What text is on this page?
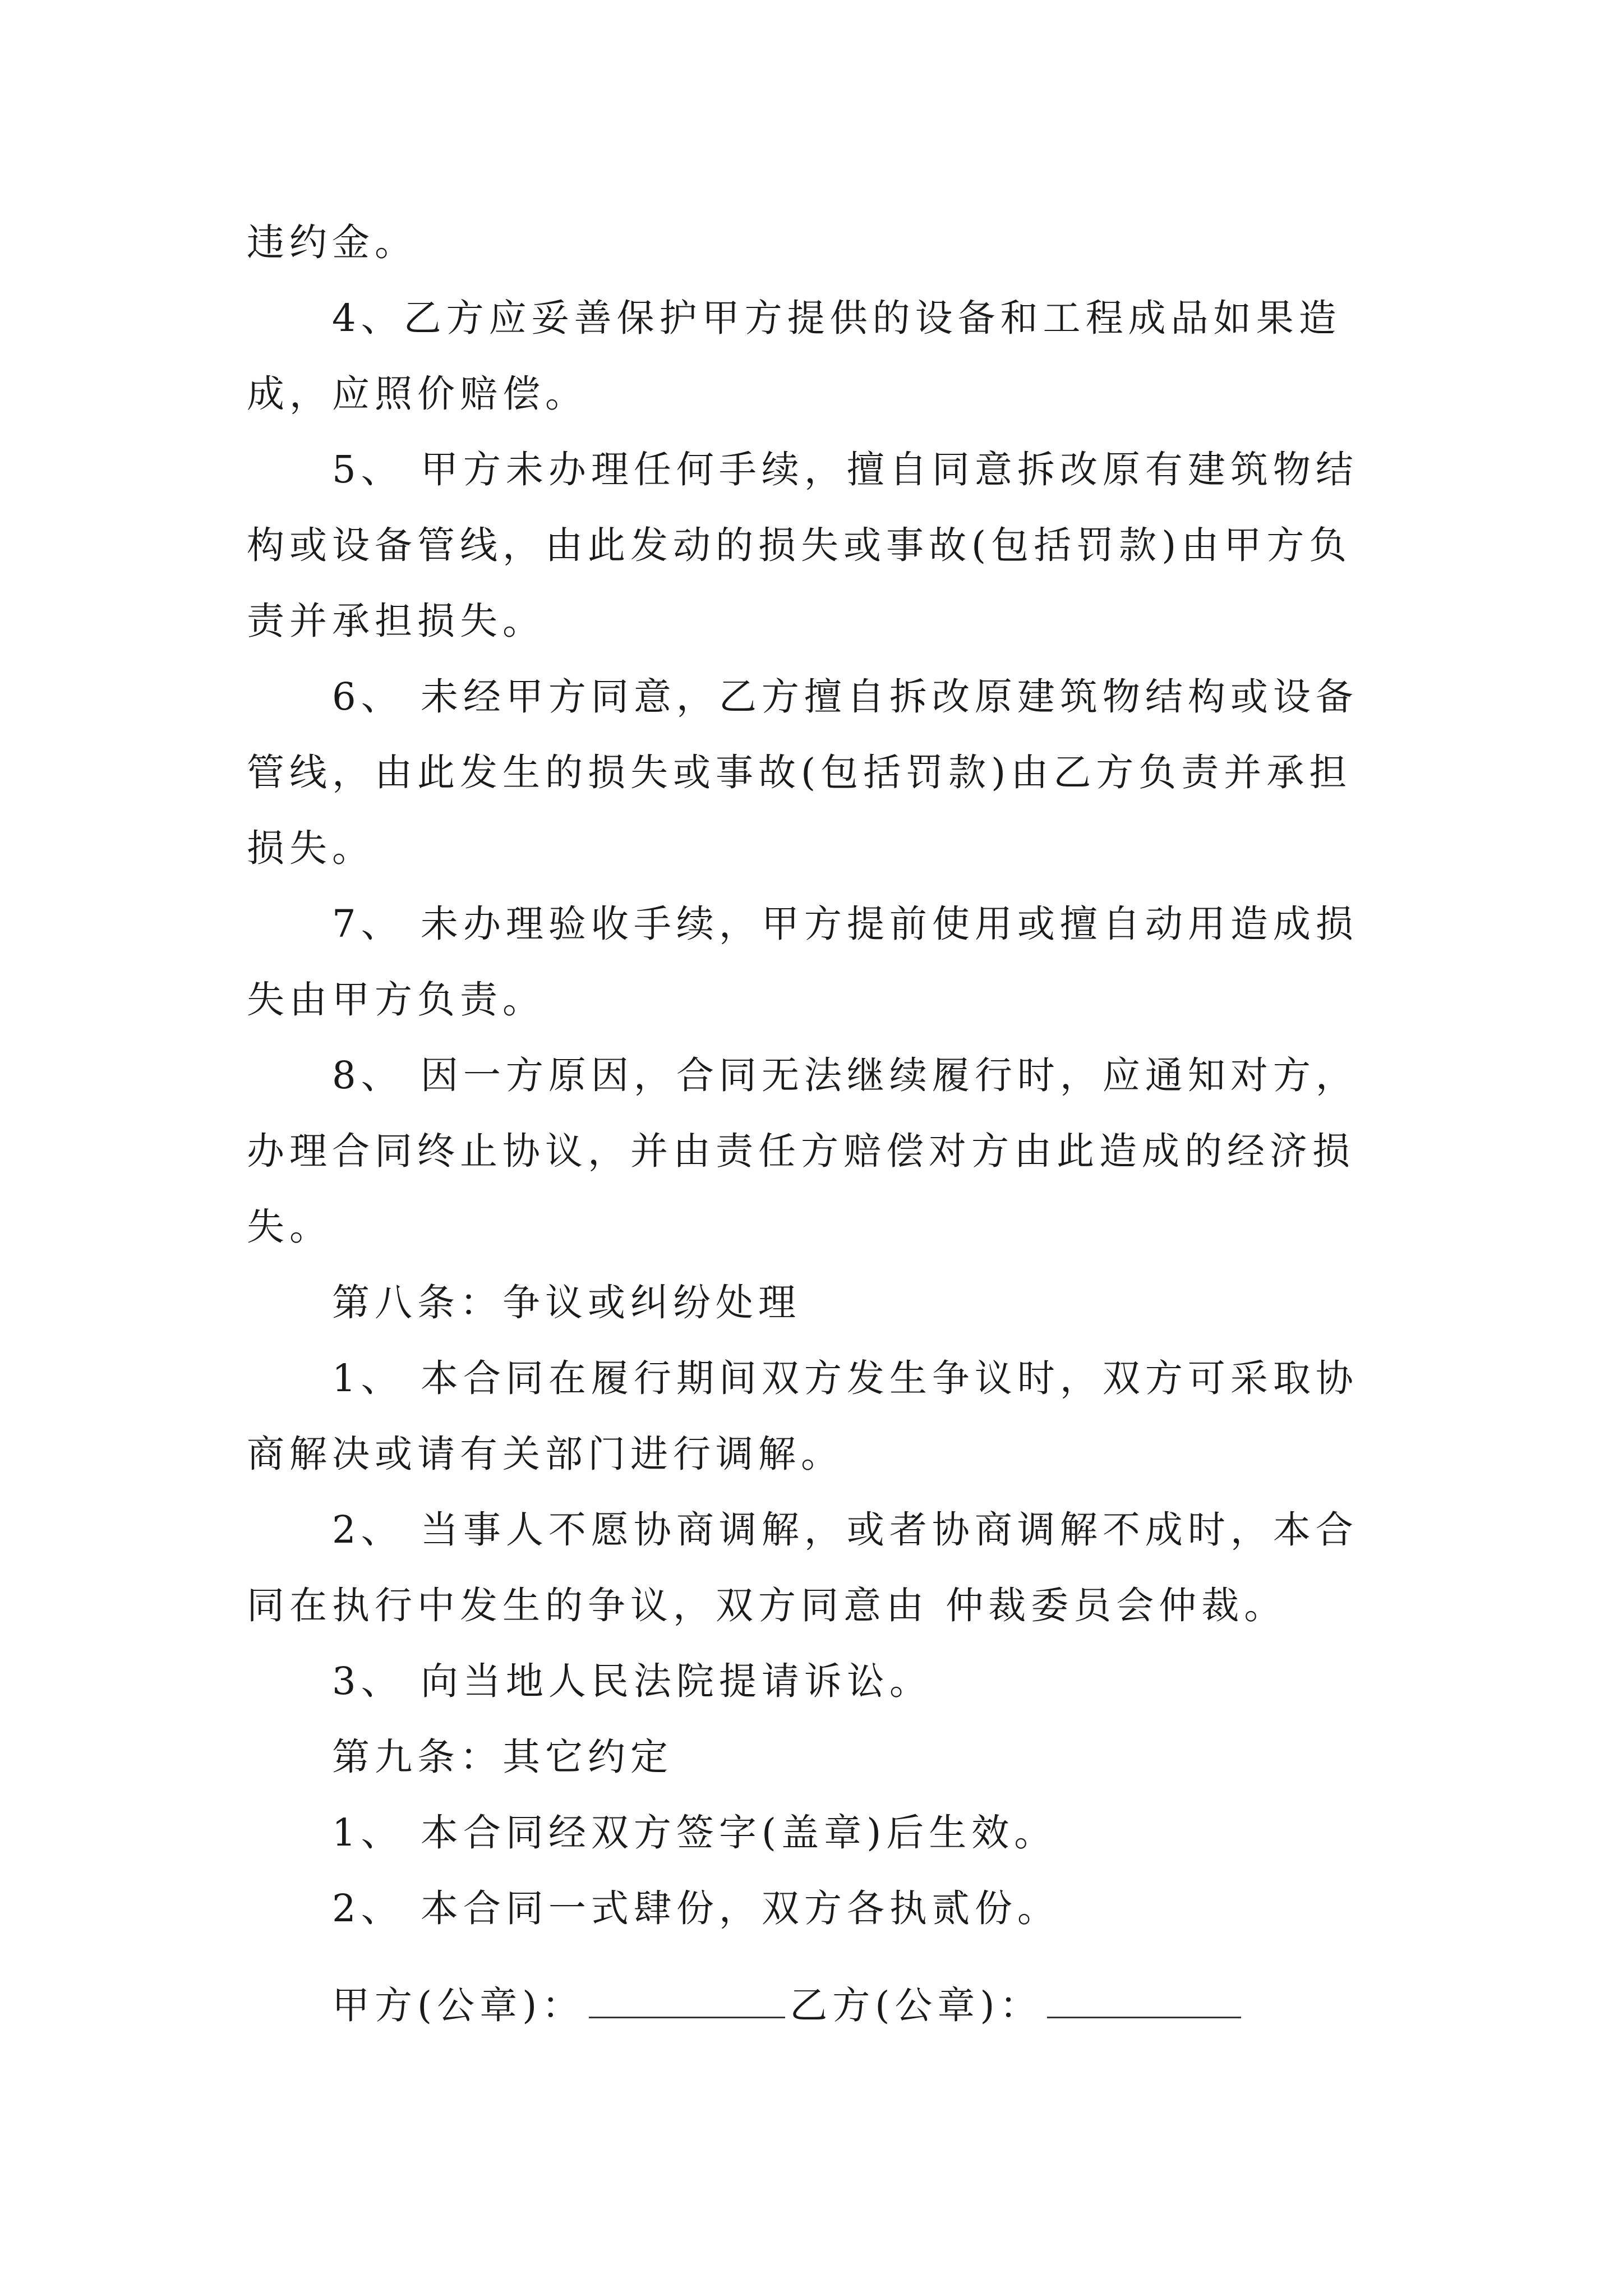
违约金。

4、乙方应妥善保护甲方提供的设备和工程成品如果造

成，应照价赔偿。

5、 甲方未办理任何手续，擅自同意拆改原有建筑物结

构或设备管线，由此发动的损失或事故(包括罚款)由甲方负

责并承担损失。

6、 未经甲方同意，乙方擅自拆改原建筑物结构或设备

管线，由此发生的损失或事故(包括罚款)由乙方负责并承担

损失。

7、 未办理验收手续，甲方提前使用或擅自动用造成损

失由甲方负责。

8、 因一方原因，合同无法继续履行时，应通知对方，

办理合同终止协议，并由责任方赔偿对方由此造成的经济损

失。

第八条：争议或纠纷处理

1、 本合同在履行期间双方发生争议时，双方可采取协

商解决或请有关部门进行调解。

2、 当事人不愿协商调解，或者协商调解不成时，本合

同在执行中发生的争议，双方同意由 仲裁委员会仲裁。

3、 向当地人民法院提请诉讼。

第九条：其它约定

1、 本合同经双方签字(盖章)后生效。

2、 本合同一式肆份，双方各执贰份。

甲方(公章)：	乙方(公章)：
